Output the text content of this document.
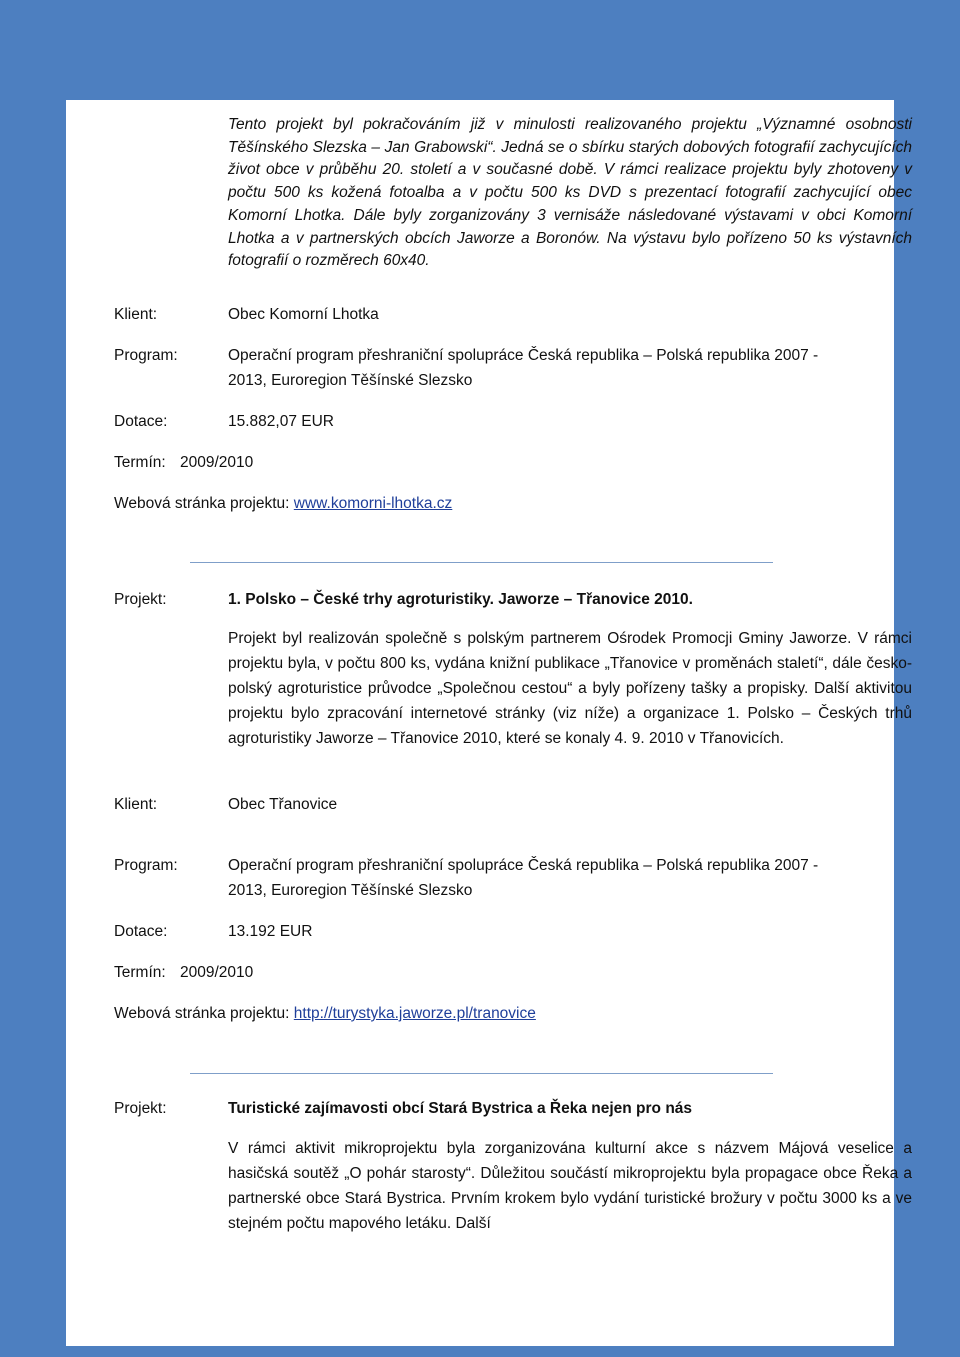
Tento projekt byl pokračováním již v minulosti realizovaného projektu „Významné osobnosti Těšínského Slezska – Jan Grabowski“. Jedná se o sbírku starých dobových fotografií zachycujících život obce v průběhu 20. století a v současné době. V rámci realizace projektu byly zhotoveny v počtu 500 ks kožená fotoalba a v počtu 500 ks DVD s prezentací fotografií zachycující obec Komorní Lhotka. Dále byly zorganizovány 3 vernisáže následované výstavami v obci Komorní Lhotka a v partnerských obcích Jaworze a Boronów. Na výstavu bylo pořízeno 50 ks výstavních fotografií o rozměrech 60x40.
Klient:	Obec Komorní Lhotka
Program:	Operační program přeshraniční spolupráce Česká republika – Polská republika 2007 - 2013, Euroregion Těšínské Slezsko
Dotace:	15.882,07 EUR
Termín: 2009/2010
Webová stránka projektu: www.komorni-lhotka.cz
Projekt:	1. Polsko – České trhy agroturistiky. Jaworze – Třanovice 2010.
Projekt byl realizován společně s polským partnerem Ośrodek Promocji Gminy Jaworze. V rámci projektu byla, v počtu 800 ks, vydána knižní publikace „Třanovice v proměnách staletí“, dále česko-polský agroturistice průvodce „Společnou cestou“ a byly pořízeny tašky a propisky. Další aktivitou projektu bylo zpracování internetové stránky (viz níže) a organizace 1. Polsko – Českých trhů agroturistiky Jaworze – Třanovice 2010, které se konaly 4. 9. 2010 v Třanovicích.
Klient:	Obec Třanovice
Program:	Operační program přeshraniční spolupráce Česká republika – Polská republika 2007 - 2013, Euroregion Těšínské Slezsko
Dotace:	13.192 EUR
Termín: 2009/2010
Webová stránka projektu: http://turystyka.jaworze.pl/tranovice
Projekt:	Turistické zajímavosti obcí Stará Bystrica a Řeka nejen pro nás
V rámci aktivit mikroprojektu byla zorganizována kulturní akce s názvem Májová veselice a hasičská soutěž „O pohár starosty“. Důležitou součástí mikroprojektu byla propagace obce Řeka a partnerské obce Stará Bystrica. Prvním krokem bylo vydání turistické brožury v počtu 3000 ks a ve stejném počtu mapového letáku. Další
